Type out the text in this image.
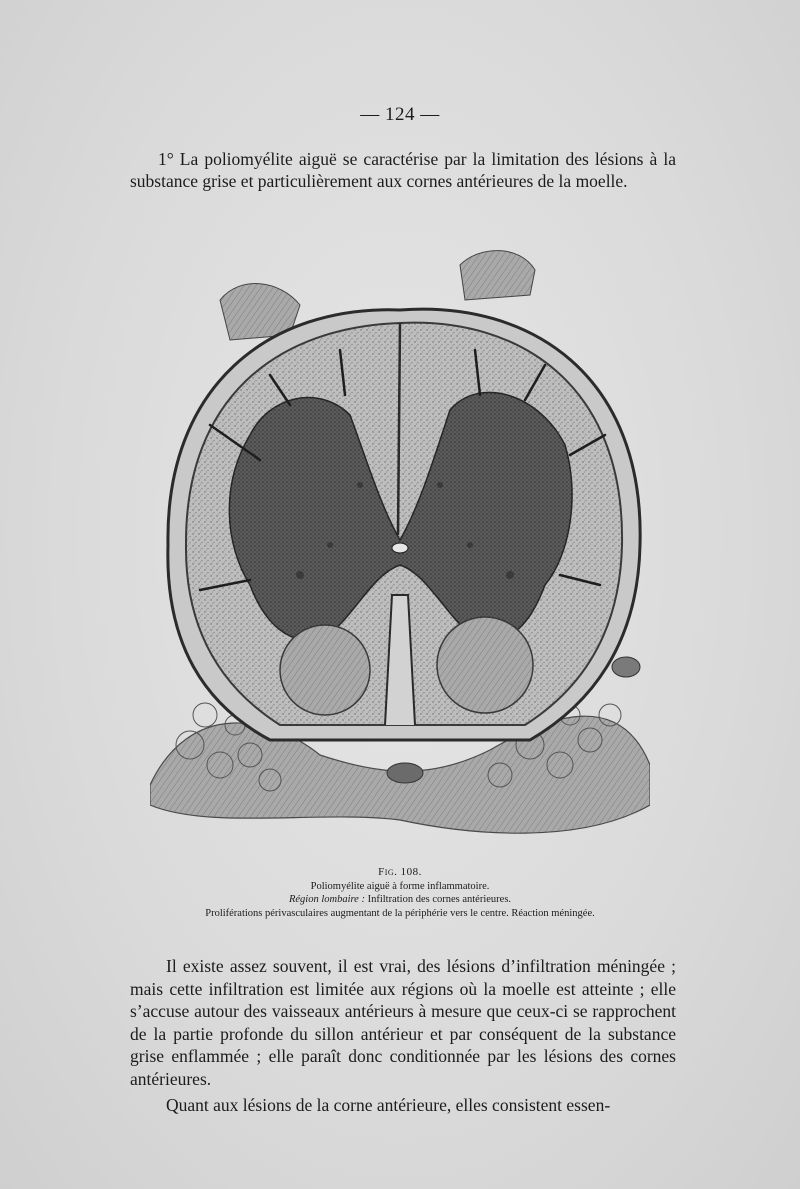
— 124 —
1° La poliomyélite aiguë se caractérise par la limitation des lésions à la substance grise et particulièrement aux cornes antérieures de la moelle.
Fig. 108.
Poliomyélite aiguë à forme inflammatoire.
Région lombaire : Infiltration des cornes antérieures.
Proliférations périvasculaires augmentant de la périphérie vers le centre. Réaction méningée.

Il existe assez souvent, il est vrai, des lésions d’infiltration méningée ; mais cette infiltration est limitée aux régions où la moelle est atteinte ; elle s’accuse autour des vaisseaux antérieurs à mesure que ceux-ci se rapprochent de la partie profonde du sillon antérieur et par conséquent de la substance grise enflammée ; elle paraît donc conditionnée par les lésions des cornes antérieures.

Quant aux lésions de la corne antérieure, elles consistent essen-
